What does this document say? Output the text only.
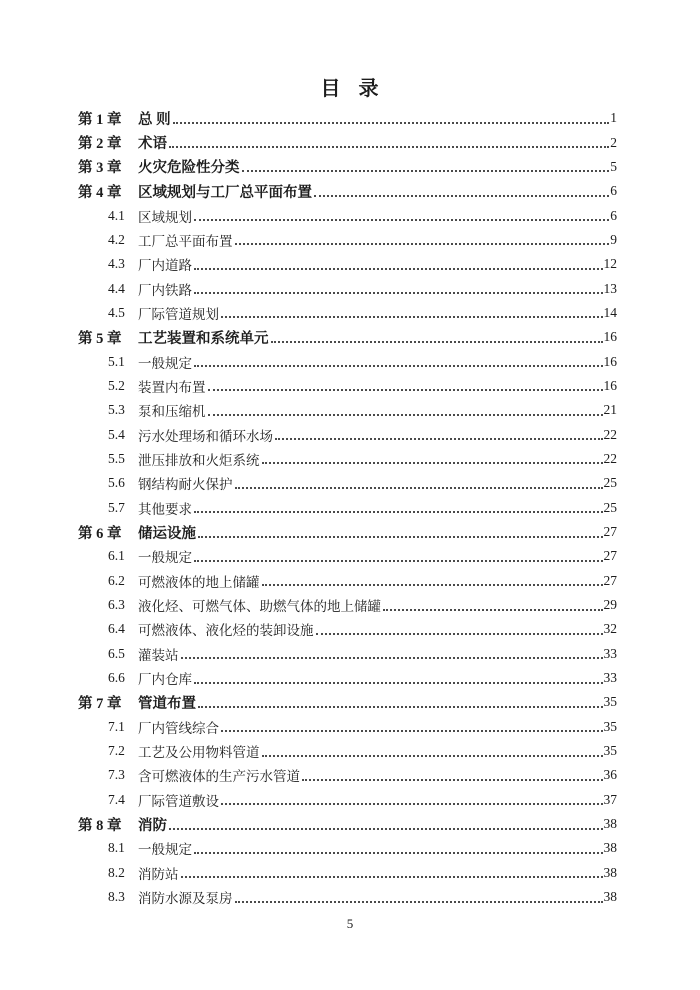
目 录
第 1 章	总 则	1
第 2 章	术语	2
第 3 章	火灾危险性分类	5
第 4 章	区域规划与工厂总平面布置	6
4.1 区域规划	6
4.2 工厂总平面布置	9
4.3 厂内道路	12
4.4 厂内铁路	13
4.5 厂际管道规划	14
第 5 章	工艺装置和系统单元	16
5.1 一般规定	16
5.2 装置内布置	16
5.3 泵和压缩机	21
5.4 污水处理场和循环水场	22
5.5 泄压排放和火炬系统	22
5.6 钢结构耐火保护	25
5.7 其他要求	25
第 6 章	储运设施	27
6.1 一般规定	27
6.2 可燃液体的地上储罐	27
6.3 液化烃、可燃气体、助燃气体的地上储罐	29
6.4 可燃液体、液化烃的装卸设施	32
6.5 灌装站	33
6.6 厂内仓库	33
第 7 章	管道布置	35
7.1 厂内管线综合	35
7.2 工艺及公用物料管道	35
7.3 含可燃液体的生产污水管道	36
7.4 厂际管道敷设	37
第 8 章	消防	38
8.1 一般规定	38
8.2 消防站	38
8.3 消防水源及泵房	38
5
